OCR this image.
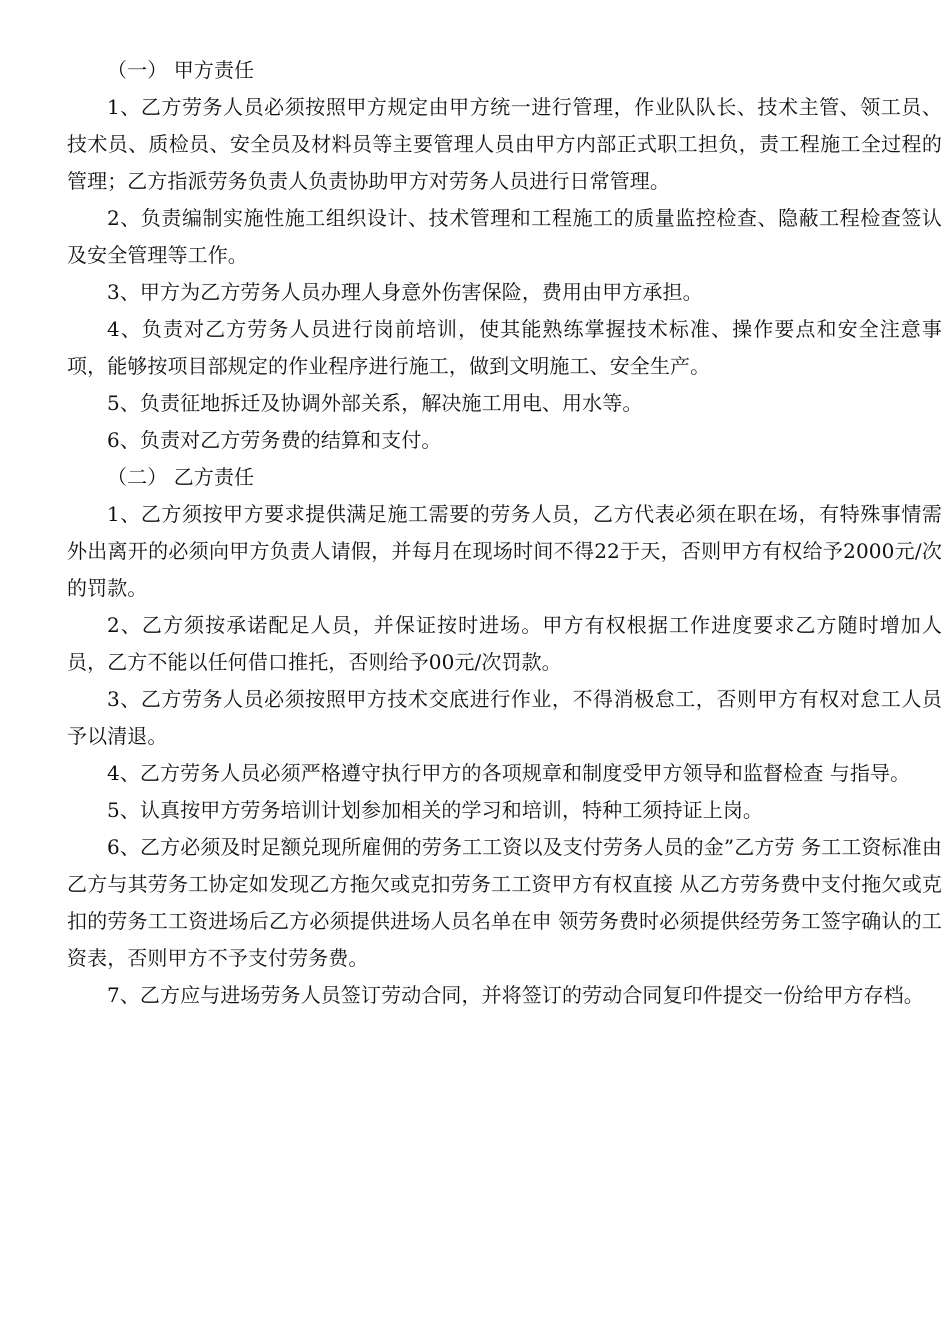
（一） 甲方责任

1、乙方劳务人员必须按照甲方规定由甲方统一进行管理，作业队队长、技术主管、领工员、技术员、质检员、安全员及材料员等主要管理人员由甲方内部正式职工担负，责工程施工全过程的管理；乙方指派劳务负责人负责协助甲方对劳务人员进行日常管理。

2、负责编制实施性施工组织设计、技术管理和工程施工的质量监控检查、隐蔽工程检查签认及安全管理等工作。

3、甲方为乙方劳务人员办理人身意外伤害保险，费用由甲方承担。

4、负责对乙方劳务人员进行岗前培训，使其能熟练掌握技术标准、操作要点和安全注意事项，能够按项目部规定的作业程序进行施工，做到文明施工、安全生产。

5、负责征地拆迁及协调外部关系，解决施工用电、用水等。

6、负责对乙方劳务费的结算和支付。

（二） 乙方责任

1、乙方须按甲方要求提供满足施工需要的劳务人员，乙方代表必须在职在场，有特殊事情需外出离开的必须向甲方负责人请假，并每月在现场时间不得22于天，否则甲方有权给予2000元/次的罚款。

2、乙方须按承诺配足人员，并保证按时进场。甲方有权根据工作进度要求乙方随时增加人员，乙方不能以任何借口推托，否则给予00元/次罚款。

3、乙方劳务人员必须按照甲方技术交底进行作业，不得消极怠工，否则甲方有权对怠工人员予以清退。

4、乙方劳务人员必须严格遵守执行甲方的各项规章和制度受甲方领导和监督检查 与指导。

5、认真按甲方劳务培训计划参加相关的学习和培训，特种工须持证上岗。

6、乙方必须及时足额兑现所雇佣的劳务工工资以及支付劳务人员的金”乙方劳 务工工资标准由乙方与其劳务工协定如发现乙方拖欠或克扣劳务工工资甲方有权直接 从乙方劳务费中支付拖欠或克扣的劳务工工资进场后乙方必须提供进场人员名单在申 领劳务费时必须提供经劳务工签字确认的工资表，否则甲方不予支付劳务费。

7、乙方应与进场劳务人员签订劳动合同，并将签订的劳动合同复印件提交一份给甲方存档。
